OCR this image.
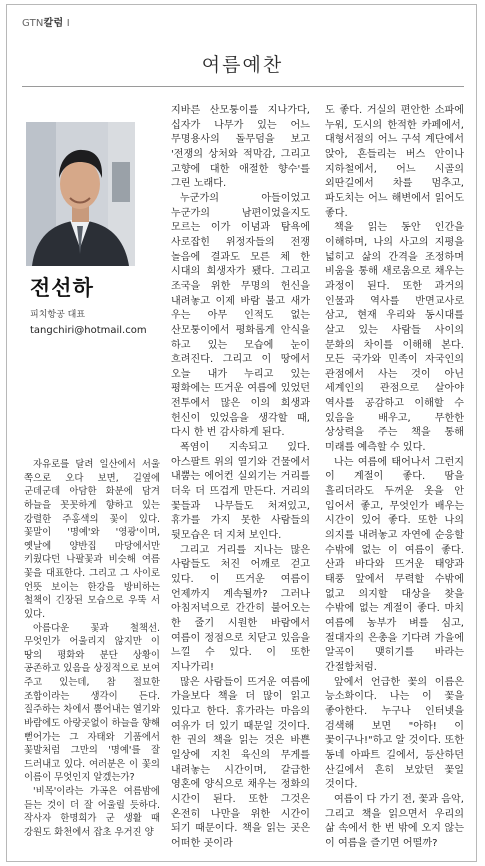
GTN칼럼 I
여름예찬
전선하
피치항공 대표
tangchiri@hotmail.com

자유로를 달려 일산에서 서울 쪽으로 오다 보면, 길옆에 군데군데 아담한 화분에 담겨 하늘을 꼿꼿하게 향하고 있는 강렬한 주홍색의 꽃이 있다. 꽃말이 '명예'와 '영광'이며, 옛날에 양반집 마당에서만 키웠다던 나팔꽃과 비슷해 여름 꽃을 대표한다. 그리고 그 사이로 언뜻 보이는 한강을 방비하는 철책이 긴장된 모습으로 우뚝 서 있다.

아름다운 꽃과 철책선. 무엇인가 어울리지 않지만 이 땅의 평화와 분단 상황이 공존하고 있음을 상징적으로 보여 주고 있는데, 참 절묘한 조합이라는 생각이 든다. 질주하는 차에서 뿜어내는 열기와 바람에도 아랑곳없이 하늘을 향해 뻗어가는 그 자태와 기품에서 꽃발처럼 그만의 '명예'를 잘 드러내고 있다. 여러분은 이 꽃의 이름이 무엇인지 알겠는가?

'비목'이라는 가곡은 여름밤에 듣는 것이 더 잘 어울릴 듯하다. 작사자 한명희가 군 생활 때 강원도 화천에서 잡초 우거진 양

지바른 산모퉁이를 지나가다, 십자가 나무가 있는 어느 무명용사의 돌무덤을 보고 '전쟁의 상처와 적막감, 그리고 고향에 대한 애절한 향수'를 그린 노래다.

누군가의 아들이었고 누군가의 남편이었을지도 모르는 이가 이념과 탐욕에 사로잡힌 위정자들의 전쟁 놀음에 결과도 모른 체 한 시대의 희생자가 됐다. 그리고 조국을 위한 무명의 헌신을 내려놓고 이제 바람 불고 새가 우는 아무 인적도 없는 산모퉁이에서 평화롭게 안식을 하고 있는 모습에 눈이 흐려진다. 그리고 이 땅에서 오늘 내가 누리고 있는 평화에는 뜨거운 여름에 있었던 전투에서 많은 이의 희생과 헌신이 있었음을 생각할 때, 다시 한 번 감사하게 된다.

폭염이 지속되고 있다. 아스팔트 위의 열기와 건물에서 내뿜는 에어컨 실외기는 거리를 더욱 더 뜨겁게 만든다. 거리의 꽃들과 나무들도 처져있고, 휴가를 가지 못한 사람들의 뒷모습은 더 지쳐 보인다.

그리고 거리를 지나는 많은 사람들도 처진 어깨로 걷고 있다. 이 뜨거운 여름이 언제까지 계속될까? 그러나 아침저녁으로 간간히 불어오는 한 줄기 시원한 바람에서 여름이 정점으로 치닫고 있음을 느낄 수 있다. 이 또한 지나가리!

많은 사람들이 뜨거운 여름에 가을보다 책을 더 많이 읽고 있다고 한다. 휴가라는 마음의 여유가 더 있기 때문일 것이다. 한 권의 책을 읽는 것은 바쁜 일상에 지친 육신의 무게를 내려놓는 시간이며, 갈급한 영혼에 양식으로 채우는 정화의 시간이 된다. 또한 그것은 온전히 나만을 위한 시간이 되기 때문이다. 책을 읽는 곳은 어떠한 곳이라

도 좋다. 거실의 편안한 소파에 누워, 도시의 한적한 카페에서, 대형서점의 어느 구석 계단에서 앉아, 흔들리는 버스 안이나 지하철에서, 어느 시골의 외딴길에서 차를 멈추고, 파도치는 어느 해변에서 읽어도 좋다.

책을 읽는 동안 인간을 이해하며, 나의 사고의 지평을 넓히고 삶의 간격을 조정하며 비움을 통해 새로움으로 채우는 과정이 된다. 또한 과거의 인물과 역사를 반면교사로 삼고, 현재 우리와 동시대를 살고 있는 사람들 사이의 문화의 차이를 이해해 본다. 모든 국가와 민족이 자국인의 관점에서 사는 것이 아닌 세계인의 관점으로 살아야 역사를 공감하고 이해할 수 있음을 배우고, 무한한 상상력을 주는 책을 통해 미래를 예측할 수 있다.

나는 여름에 태어나서 그런지 이 계절이 좋다. 땀을 흘리더라도 두꺼운 옷을 안 입어서 좋고, 무엇인가 배우는 시간이 있어 좋다. 또한 나의 의지를 내려놓고 자연에 순응할 수밖에 없는 이 여름이 좋다. 산과 바다와 뜨거운 태양과 태풍 앞에서 무력할 수밖에 없고 의지할 대상을 찾을 수밖에 없는 계절이 좋다. 마치 여름에 농부가 벼를 심고, 절대자의 은총을 기다려 가을에 알곡이 맺히기를 바라는 간절함처럼.

앞에서 언급한 꽃의 이름은 능소화이다. 나는 이 꽃을 좋아한다. 누구나 인터넷을 검색해 보면 "아하! 이 꽃이구나!"하고 알 것이다. 또한 동네 아파트 길에서, 등산하던 산길에서 흔히 보았던 꽃일 것이다.

여름이 다 가기 전, 꽃과 음악, 그리고 책을 읽으면서 우리의 삶 속에서 한 번 밖에 오지 않는 이 여름을 즐기면 어떨까?
